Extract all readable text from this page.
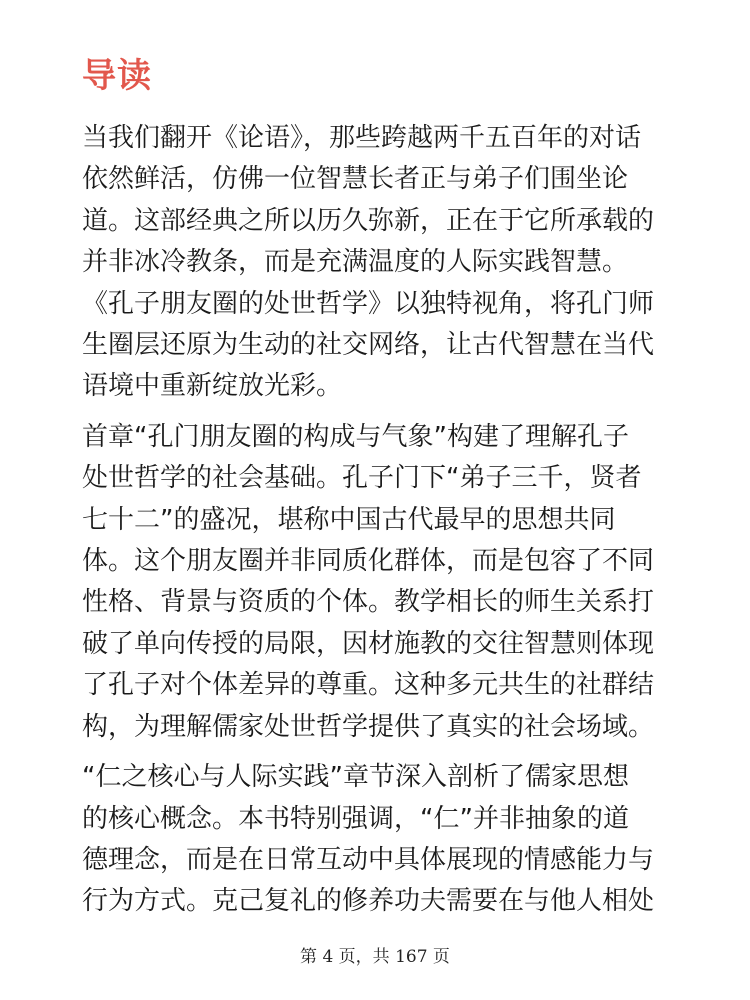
导读

当我们翻开《论语》，那些跨越两千五百年的对话
依然鲜活，仿佛一位智慧长者正与弟子们围坐论
道。这部经典之所以历久弥新，正在于它所承载的
并非冰冷教条，而是充满温度的人际实践智慧。
《孔子朋友圈的处世哲学》以独特视角，将孔门师
生圈层还原为生动的社交网络，让古代智慧在当代
语境中重新绽放光彩。

首章“孔门朋友圈的构成与气象”构建了理解孔子
处世哲学的社会基础。孔子门下“弟子三千，贤者
七十二”的盛况，堪称中国古代最早的思想共同
体。这个朋友圈并非同质化群体，而是包容了不同
性格、背景与资质的个体。教学相长的师生关系打
破了单向传授的局限，因材施教的交往智慧则体现
了孔子对个体差异的尊重。这种多元共生的社群结
构，为理解儒家处世哲学提供了真实的社会场域。

“仁之核心与人际实践”章节深入剖析了儒家思想
的核心概念。本书特别强调，“仁”并非抽象的道
德理念，而是在日常互动中具体展现的情感能力与
行为方式。克己复礼的修养功夫需要在与他人相处

第 4 页，共 167 页
